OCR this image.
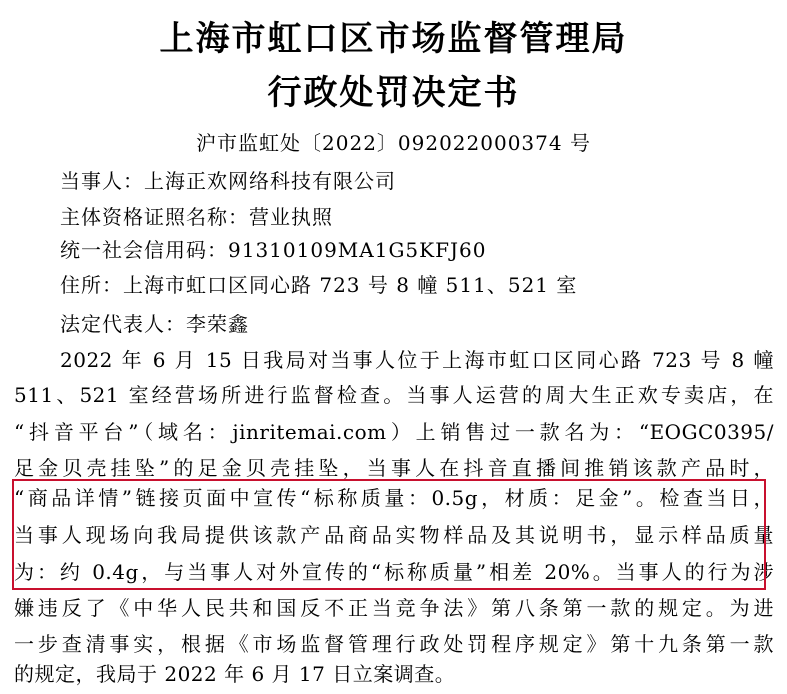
上海市虹口区市场监督管理局
行政处罚决定书
沪市监虹处〔2022〕092022000374 号
当事人：上海正欢网络科技有限公司
主体资格证照名称：营业执照
统一社会信用码：91310109MA1G5KFJ60
住所：上海市虹口区同心路 723 号 8 幢 511、521 室
法定代表人：李荣鑫
2022 年 6 月 15 日我局对当事人位于上海市虹口区同心路 723 号 8 幢
511、521 室经营场所进行监督检查。当事人运营的周大生正欢专卖店，在
“抖音平台”（域名：jinritemai.com）上销售过一款名为：“EOGC0395/
足金贝壳挂坠”的足金贝壳挂坠，当事人在抖音直播间推销该款产品时，
“商品详情”链接页面中宣传“标称质量：0.5g，材质：足金”。检查当日，
当事人现场向我局提供该款产品商品实物样品及其说明书，显示样品质量
为：约 0.4g，与当事人对外宣传的“标称质量”相差 20%。当事人的行为涉
嫌违反了《中华人民共和国反不正当竞争法》第八条第一款的规定。为进
一步查清事实，根据《市场监督管理行政处罚程序规定》第十九条第一款
的规定，我局于 2022 年 6 月 17 日立案调查。
